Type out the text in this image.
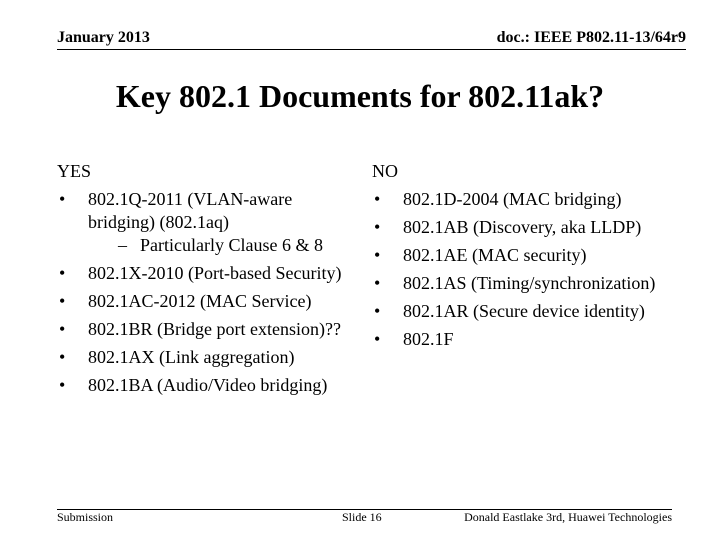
January 2013	doc.: IEEE P802.11-13/64r9
Key 802.1 Documents for 802.11ak?
YES
• 802.1Q-2011 (VLAN-aware bridging) (802.1aq)
– Particularly Clause 6 & 8
• 802.1X-2010 (Port-based Security)
• 802.1AC-2012 (MAC Service)
• 802.1BR (Bridge port extension)??
• 802.1AX (Link aggregation)
• 802.1BA (Audio/Video bridging)
NO
• 802.1D-2004 (MAC bridging)
• 802.1AB (Discovery, aka LLDP)
• 802.1AE (MAC security)
• 802.1AS (Timing/synchronization)
• 802.1AR (Secure device identity)
• 802.1F
Submission	Slide 16	Donald Eastlake 3rd, Huawei Technologies
